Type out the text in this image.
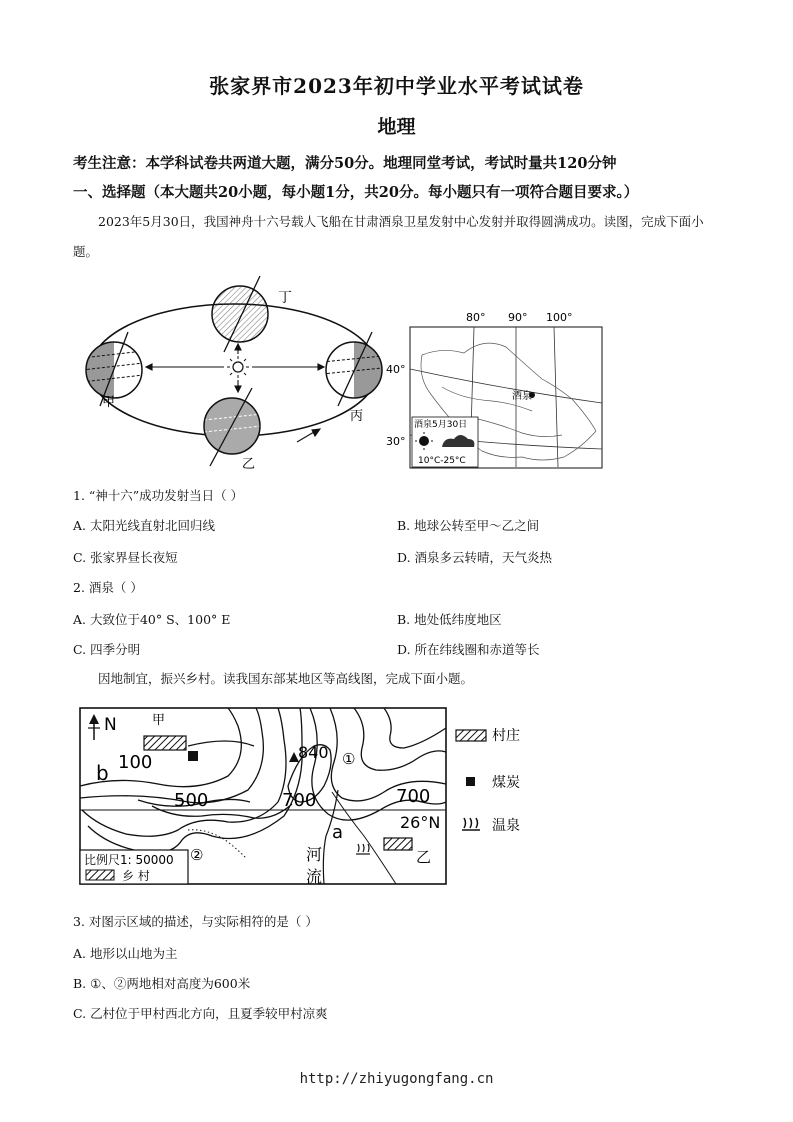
张家界市2023年初中学业水平考试试卷
地理
考生注意：本学科试卷共两道大题，满分50分。地理同堂考试，考试时量共120分钟
一、选择题（本大题共20小题，每小题1分，共20分。每小题只有一项符合题目要求。）
2023年5月30日，我国神舟十六号载人飞船在甘肃酒泉卫星发射中心发射并取得圆满成功。读图，完成下面小题。
丁
甲
丙
乙
80° 90° 100°
40°
30°
酒泉
酒泉5月30日
10°C-25°C
1. “神十六”成功发射当日（ ）
A. 太阳光线直射北回归线	B. 地球公转至甲～乙之间
C. 张家界昼长夜短	D. 酒泉多云转晴，天气炎热
2. 酒泉（ ）
A. 大致位于40° S、100° E	B. 地处低纬度地区
C. 四季分明	D. 所在纬线圈和赤道等长
因地制宜，振兴乡村。读我国东部某地区等高线图，完成下面小题。
N	甲
乙
840 ①
②
b
a
100
500	700	700
26°N
河
流
比例尺1: 50000
乡 村
村庄
煤炭
温泉
3. 对图示区域的描述，与实际相符的是（ ）
A. 地形以山地为主
B. ①、②两地相对高度为600米
C. 乙村位于甲村西北方向，且夏季较甲村凉爽
http://zhiyugongfang.cn
